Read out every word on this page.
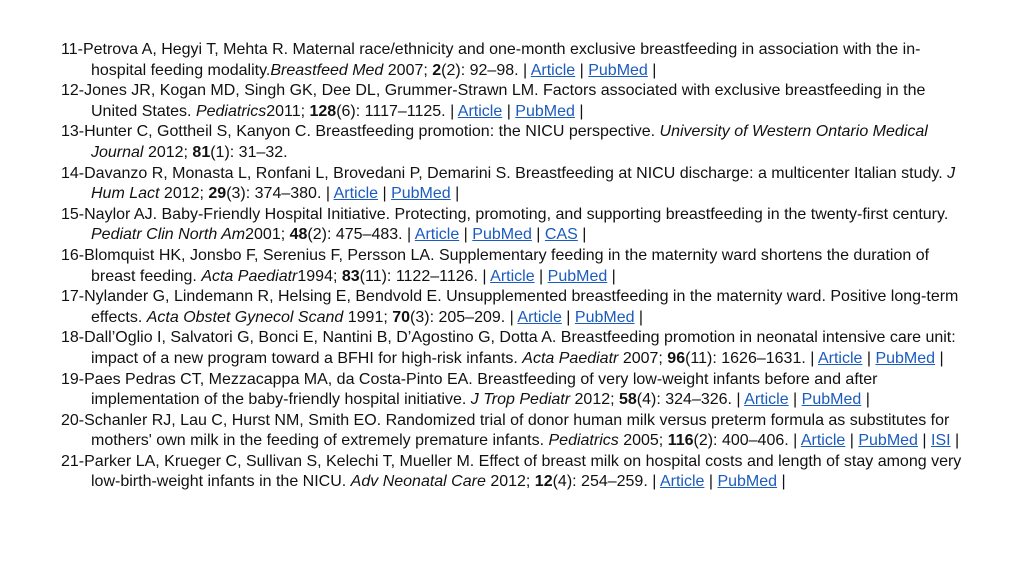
11-Petrova A, Hegyi T, Mehta R. Maternal race/ethnicity and one-month exclusive breastfeeding in association with the in-hospital feeding modality.Breastfeed Med 2007; 2(2): 92–98. | Article | PubMed |
12-Jones JR, Kogan MD, Singh GK, Dee DL, Grummer-Strawn LM. Factors associated with exclusive breastfeeding in the United States. Pediatrics2011; 128(6): 1117–1125. | Article | PubMed |
13-Hunter C, Gottheil S, Kanyon C. Breastfeeding promotion: the NICU perspective. University of Western Ontario Medical Journal 2012; 81(1): 31–32.
14-Davanzo R, Monasta L, Ronfani L, Brovedani P, Demarini S. Breastfeeding at NICU discharge: a multicenter Italian study. J Hum Lact 2012; 29(3): 374–380. | Article | PubMed |
15-Naylor AJ. Baby-Friendly Hospital Initiative. Protecting, promoting, and supporting breastfeeding in the twenty-first century. Pediatr Clin North Am2001; 48(2): 475–483. | Article | PubMed | CAS |
16-Blomquist HK, Jonsbo F, Serenius F, Persson LA. Supplementary feeding in the maternity ward shortens the duration of breast feeding. Acta Paediatr1994; 83(11): 1122–1126. | Article | PubMed |
17-Nylander G, Lindemann R, Helsing E, Bendvold E. Unsupplemented breastfeeding in the maternity ward. Positive long-term effects. Acta Obstet Gynecol Scand 1991; 70(3): 205–209. | Article | PubMed |
18-Dall’Oglio I, Salvatori G, Bonci E, Nantini B, D’Agostino G, Dotta A. Breastfeeding promotion in neonatal intensive care unit: impact of a new program toward a BFHI for high-risk infants. Acta Paediatr 2007; 96(11): 1626–1631. | Article | PubMed |
19-Paes Pedras CT, Mezzacappa MA, da Costa-Pinto EA. Breastfeeding of very low-weight infants before and after implementation of the baby-friendly hospital initiative. J Trop Pediatr 2012; 58(4): 324–326. | Article | PubMed |
20-Schanler RJ, Lau C, Hurst NM, Smith EO. Randomized trial of donor human milk versus preterm formula as substitutes for mothers' own milk in the feeding of extremely premature infants. Pediatrics 2005; 116(2): 400–406. | Article | PubMed | ISI |
21-Parker LA, Krueger C, Sullivan S, Kelechi T, Mueller M. Effect of breast milk on hospital costs and length of stay among very low-birth-weight infants in the NICU. Adv Neonatal Care 2012; 12(4): 254–259. | Article | PubMed |
